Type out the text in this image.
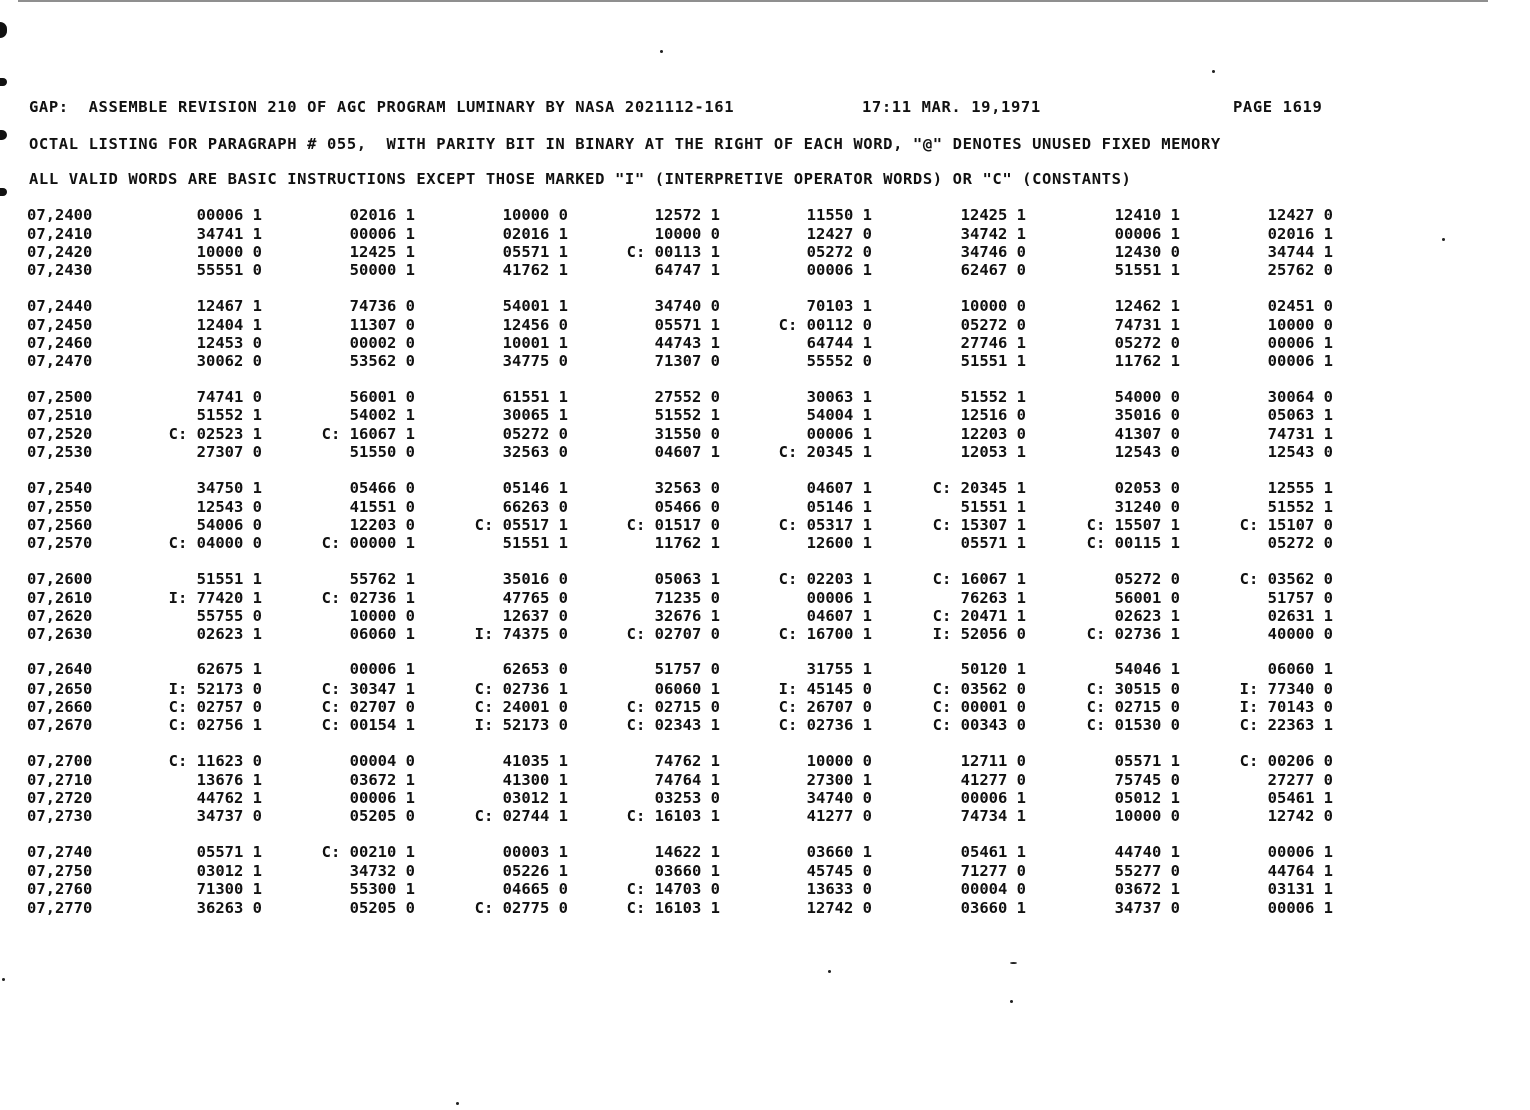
GAP:  ASSEMBLE REVISION 210 OF AGC PROGRAM LUMINARY BY NASA 2021112-161	17:11 MAR. 19,1971	PAGE 1619
OCTAL LISTING FOR PARAGRAPH # 055,  WITH PARITY BIT IN BINARY AT THE RIGHT OF EACH WORD, "@" DENOTES UNUSED FIXED MEMORY
ALL VALID WORDS ARE BASIC INSTRUCTIONS EXCEPT THOSE MARKED "I" (INTERPRETIVE OPERATOR WORDS) OR "C" (CONSTANTS)
07,2400	00006 1	02016 1	10000 0	12572 1	11550 1	12425 1	12410 1	12427 0
07,2410	34741 1	00006 1	02016 1	10000 0	12427 0	34742 1	00006 1	02016 1
07,2420	10000 0	12425 1	05571 1	C: 00113 1	05272 0	34746 0	12430 0	34744 1
07,2430	55551 0	50000 1	41762 1	64747 1	00006 1	62467 0	51551 1	25762 0
07,2440	12467 1	74736 0	54001 1	34740 0	70103 1	10000 0	12462 1	02451 0
07,2450	12404 1	11307 0	12456 0	05571 1	C: 00112 0	05272 0	74731 1	10000 0
07,2460	12453 0	00002 0	10001 1	44743 1	64744 1	27746 1	05272 0	00006 1
07,2470	30062 0	53562 0	34775 0	71307 0	55552 0	51551 1	11762 1	00006 1
07,2500	74741 0	56001 0	61551 1	27552 0	30063 1	51552 1	54000 0	30064 0
07,2510	51552 1	54002 1	30065 1	51552 1	54004 1	12516 0	35016 0	05063 1
07,2520	C: 02523 1	C: 16067 1	05272 0	31550 0	00006 1	12203 0	41307 0	74731 1
07,2530	27307 0	51550 0	32563 0	04607 1	C: 20345 1	12053 1	12543 0	12543 0
07,2540	34750 1	05466 0	05146 1	32563 0	04607 1	C: 20345 1	02053 0	12555 1
07,2550	12543 0	41551 0	66263 0	05466 0	05146 1	51551 1	31240 0	51552 1
07,2560	54006 0	12203 0	C: 05517 1	C: 01517 0	C: 05317 1	C: 15307 1	C: 15507 1	C: 15107 0
07,2570	C: 04000 0	C: 00000 1	51551 1	11762 1	12600 1	05571 1	C: 00115 1	05272 0
07,2600	51551 1	55762 1	35016 0	05063 1	C: 02203 1	C: 16067 1	05272 0	C: 03562 0
07,2610	I: 77420 1	C: 02736 1	47765 0	71235 0	00006 1	76263 1	56001 0	51757 0
07,2620	55755 0	10000 0	12637 0	32676 1	04607 1	C: 20471 1	02623 1	02631 1
07,2630	02623 1	06060 1	I: 74375 0	C: 02707 0	C: 16700 1	I: 52056 0	C: 02736 1	40000 0
07,2640	62675 1	00006 1	62653 0	51757 0	31755 1	50120 1	54046 1	06060 1
07,2650	I: 52173 0	C: 30347 1	C: 02736 1	06060 1	I: 45145 0	C: 03562 0	C: 30515 0	I: 77340 0
07,2660	C: 02757 0	C: 02707 0	C: 24001 0	C: 02715 0	C: 26707 0	C: 00001 0	C: 02715 0	I: 70143 0
07,2670	C: 02756 1	C: 00154 1	I: 52173 0	C: 02343 1	C: 02736 1	C: 00343 0	C: 01530 0	C: 22363 1
07,2700	C: 11623 0	00004 0	41035 1	74762 1	10000 0	12711 0	05571 1	C: 00206 0
07,2710	13676 1	03672 1	41300 1	74764 1	27300 1	41277 0	75745 0	27277 0
07,2720	44762 1	00006 1	03012 1	03253 0	34740 0	00006 1	05012 1	05461 1
07,2730	34737 0	05205 0	C: 02744 1	C: 16103 1	41277 0	74734 1	10000 0	12742 0
07,2740	05571 1	C: 00210 1	00003 1	14622 1	03660 1	05461 1	44740 1	00006 1
07,2750	03012 1	34732 0	05226 1	03660 1	45745 0	71277 0	55277 0	44764 1
07,2760	71300 1	55300 1	04665 0	C: 14703 0	13633 0	00004 0	03672 1	03131 1
07,2770	36263 0	05205 0	C: 02775 0	C: 16103 1	12742 0	03660 1	34737 0	00006 1
